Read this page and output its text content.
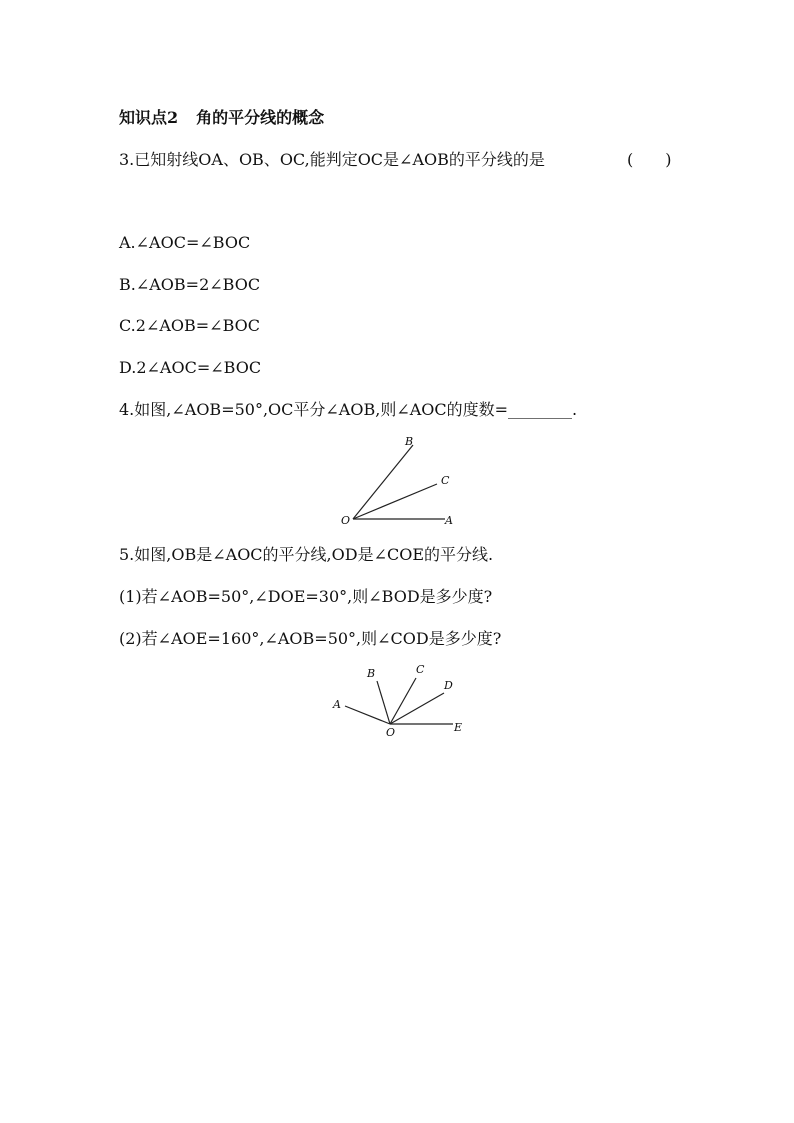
知识点2 角的平分线的概念
3.已知射线OA、OB、OC,能判定OC是∠AOB的平分线的是	(　　)
A.∠AOC=∠BOC
B.∠AOB=2∠BOC
C.2∠AOB=∠BOC
D.2∠AOC=∠BOC
4.如图,∠AOB=50°,OC平分∠AOB,则∠AOC的度数=________.
O	A
B
C
5.如图,OB是∠AOC的平分线,OD是∠COE的平分线.
(1)若∠AOB=50°,∠DOE=30°,则∠BOD是多少度?
(2)若∠AOE=160°,∠AOB=50°,则∠COD是多少度?
A
B	C
D
E
O
